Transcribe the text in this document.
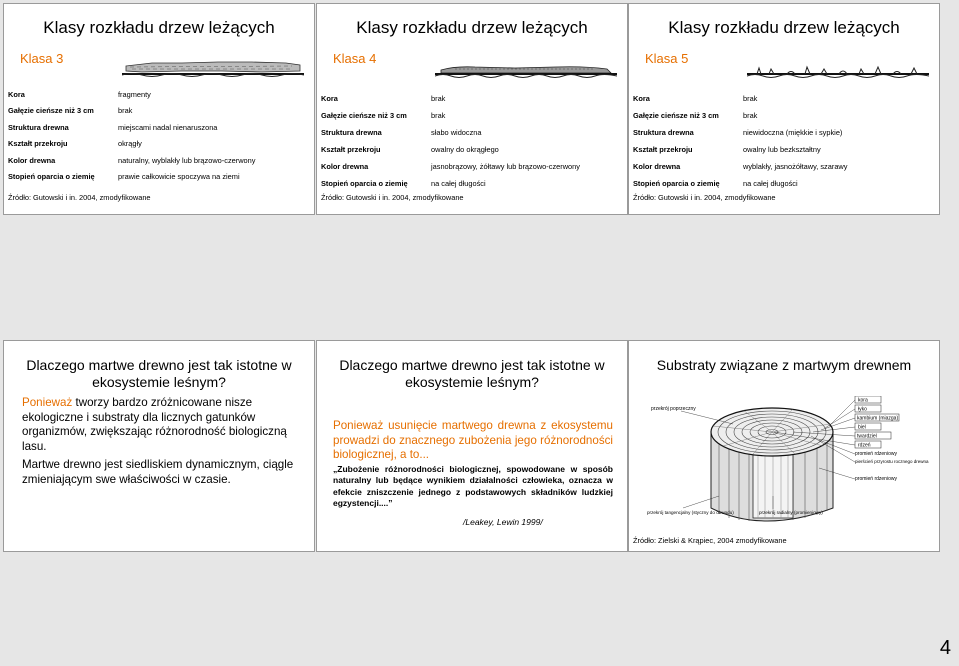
Klasy rozkładu drzew leżących
Klasa 3
Kora	fragmenty
Gałęzie cieńsze niż 3 cm	brak
Struktura drewna	miejscami nadal nienaruszona
Kształt przekroju	okrągły
Kolor drewna	naturalny, wyblakły lub brązowo-czerwony
Stopień oparcia o ziemię	prawie całkowicie spoczywa na ziemi
Źródło: Gutowski i in. 2004, zmodyfikowane
Klasy rozkładu drzew leżących
Klasa 4
Kora	brak
Gałęzie cieńsze niż 3 cm	brak
Struktura drewna	słabo widoczna
Kształt przekroju	owalny do okrągłego
Kolor drewna	jasnobrązowy, żółtawy lub brązowo-czerwony
Stopień oparcia o ziemię	na całej długości
Źródło: Gutowski i in. 2004, zmodyfikowane
Klasy rozkładu drzew leżących
Klasa 5
Kora	brak
Gałęzie cieńsze niż 3 cm	brak
Struktura drewna	niewidoczna (miękkie i sypkie)
Kształt przekroju	owalny lub bezkształtny
Kolor drewna	wyblakły, jasnożółtawy, szarawy
Stopień oparcia o ziemię	na całej długości
Źródło: Gutowski i in. 2004, zmodyfikowane
Dlaczego martwe drewno jest tak istotne w ekosystemie leśnym?

Ponieważ tworzy bardzo zróżnicowane nisze ekologiczne i substraty dla licznych gatunków organizmów, zwiększając różnorodność biologiczną lasu.

Martwe drewno jest siedliskiem dynamicznym, ciągle zmieniającym swe właściwości w czasie.

Dlaczego martwe drewno jest tak istotne w ekosystemie leśnym?
Ponieważ usunięcie martwego drewna z ekosystemu prowadzi do znacznego zubożenia jego różnorodności biologicznej, a to...
„Zubożenie różnorodności biologicznej, spowodowane w sposób naturalny lub będące wynikiem działalności człowieka, oznacza w efekcie zniszczenie jednego z podstawowych składników ludzkiej egzystencji....”
/Leakey, Lewin 1999/
Substraty związane z martwym drewnem
przekrój poprzeczny
kora
łyko
kambium (miazga)
biel
twardziel
rdzeń
promień rdzeniowy
pierścień przyrostu rocznego drewna
promień rdzeniowy
przekrój tangencjalny (styczny do obwodu)	przekrój radialny (promieniowy)
Źródło: Zielski & Krąpiec, 2004 zmodyfikowane
4
